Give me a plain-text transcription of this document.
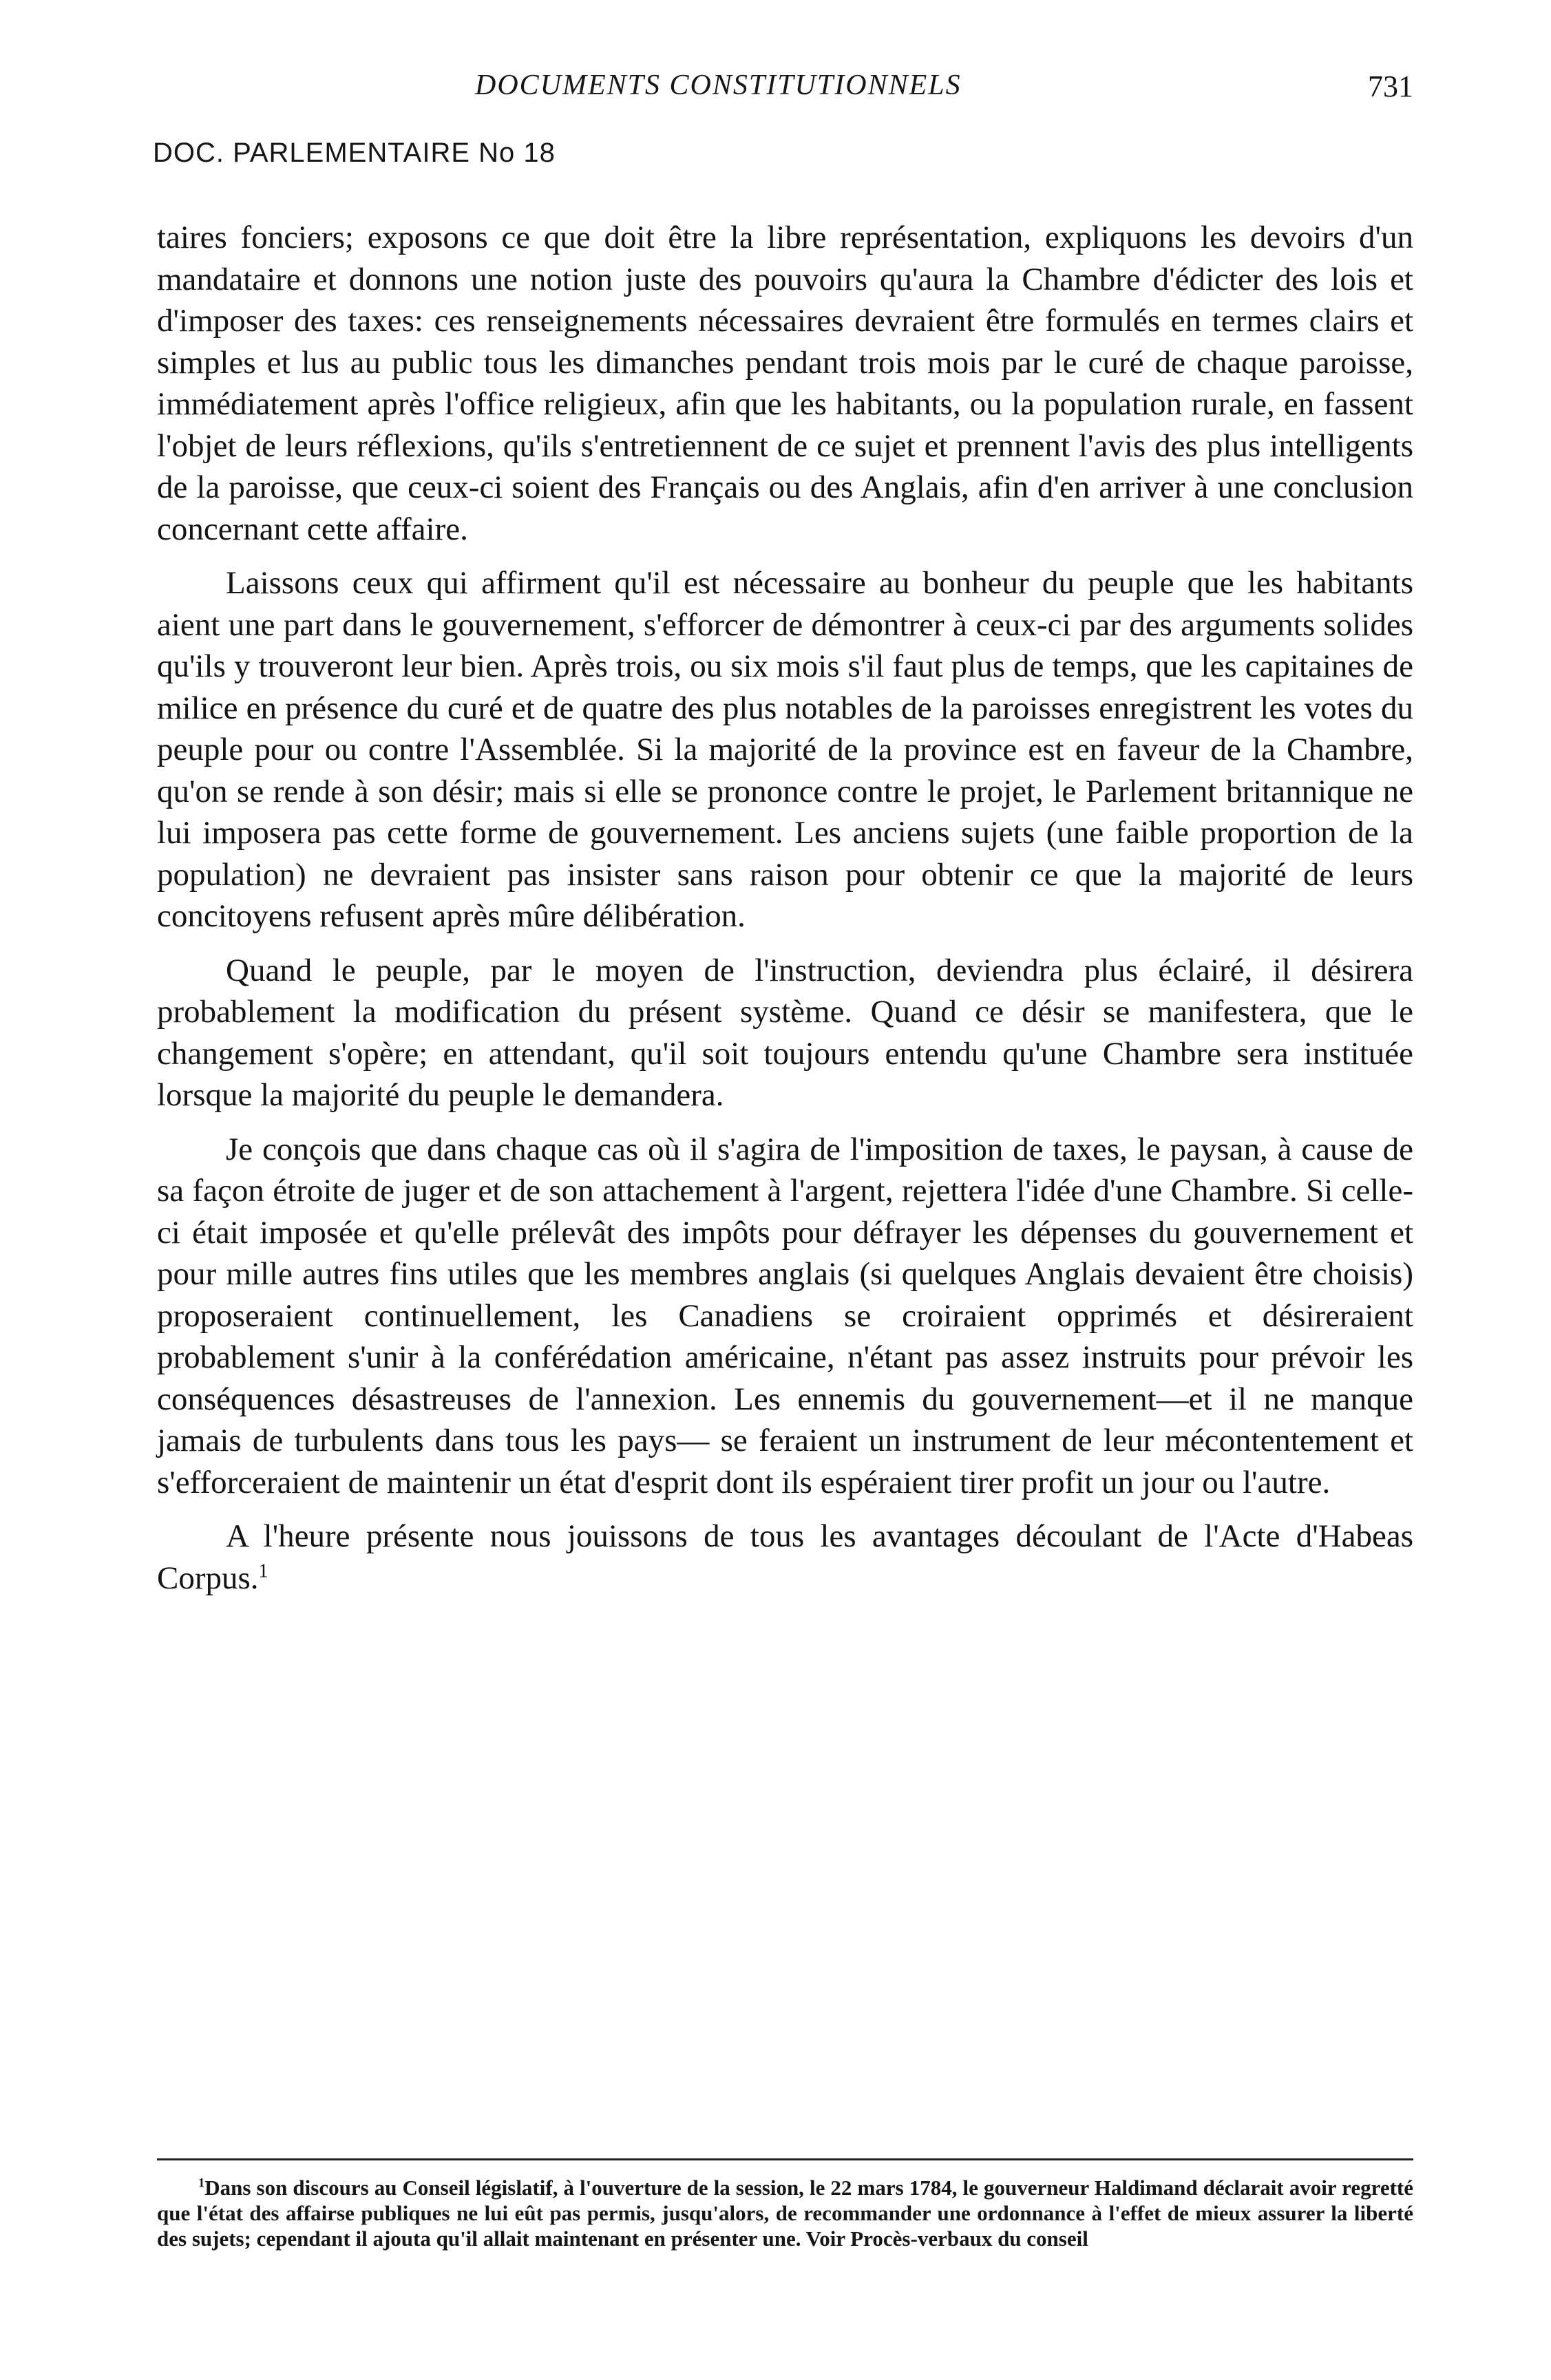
DOCUMENTS CONSTITUTIONNELS	731
DOC. PARLEMENTAIRE No 18

taires fonciers; exposons ce que doit être la libre représentation, expliquons les devoirs d'un mandataire et donnons une notion juste des pouvoirs qu'aura la Chambre d'édicter des lois et d'imposer des taxes: ces renseignements nécessaires devraient être formulés en termes clairs et simples et lus au public tous les dimanches pendant trois mois par le curé de chaque paroisse, immédiatement après l'office religieux, afin que les habitants, ou la population rurale, en fassent l'objet de leurs réflexions, qu'ils s'entretiennent de ce sujet et prennent l'avis des plus intelligents de la paroisse, que ceux-ci soient des Français ou des Anglais, afin d'en arriver à une conclusion concernant cette affaire.

Laissons ceux qui affirment qu'il est nécessaire au bonheur du peuple que les habitants aient une part dans le gouvernement, s'efforcer de démontrer à ceux-ci par des arguments solides qu'ils y trouveront leur bien. Après trois, ou six mois s'il faut plus de temps, que les capitaines de milice en présence du curé et de quatre des plus notables de la paroisses enregistrent les votes du peuple pour ou contre l'Assemblée. Si la majorité de la province est en faveur de la Chambre, qu'on se rende à son désir; mais si elle se prononce contre le projet, le Parlement britannique ne lui imposera pas cette forme de gouvernement. Les anciens sujets (une faible proportion de la population) ne devraient pas insister sans raison pour obtenir ce que la majorité de leurs concitoyens refusent après mûre délibération.

Quand le peuple, par le moyen de l'instruction, deviendra plus éclairé, il désirera probablement la modification du présent système. Quand ce désir se manifestera, que le changement s'opère; en attendant, qu'il soit toujours entendu qu'une Chambre sera instituée lorsque la majorité du peuple le demandera.

Je conçois que dans chaque cas où il s'agira de l'imposition de taxes, le paysan, à cause de sa façon étroite de juger et de son attachement à l'argent, rejettera l'idée d'une Chambre. Si celle-ci était imposée et qu'elle prélevât des impôts pour défrayer les dépenses du gouvernement et pour mille autres fins utiles que les membres anglais (si quelques Anglais devaient être choisis) proposeraient continuellement, les Canadiens se croiraient opprimés et désireraient probablement s'unir à la conférédation américaine, n'étant pas assez instruits pour prévoir les conséquences désastreuses de l'annexion. Les ennemis du gouvernement—et il ne manque jamais de turbulents dans tous les pays— se feraient un instrument de leur mécontentement et s'efforceraient de maintenir un état d'esprit dont ils espéraient tirer profit un jour ou l'autre.

A l'heure présente nous jouissons de tous les avantages découlant de l'Acte d'Habeas Corpus.$^1$

$^1$Dans son discours au Conseil législatif, à l'ouverture de la session, le 22 mars 1784, le gouverneur Haldimand déclarait avoir regretté que l'état des affairse publiques ne lui eût pas permis, jusqu'alors, de recommander une ordonnance à l'effet de mieux assurer la liberté des sujets; cependant il ajouta qu'il allait maintenant en présenter une. Voir Procès-verbaux du conseil
